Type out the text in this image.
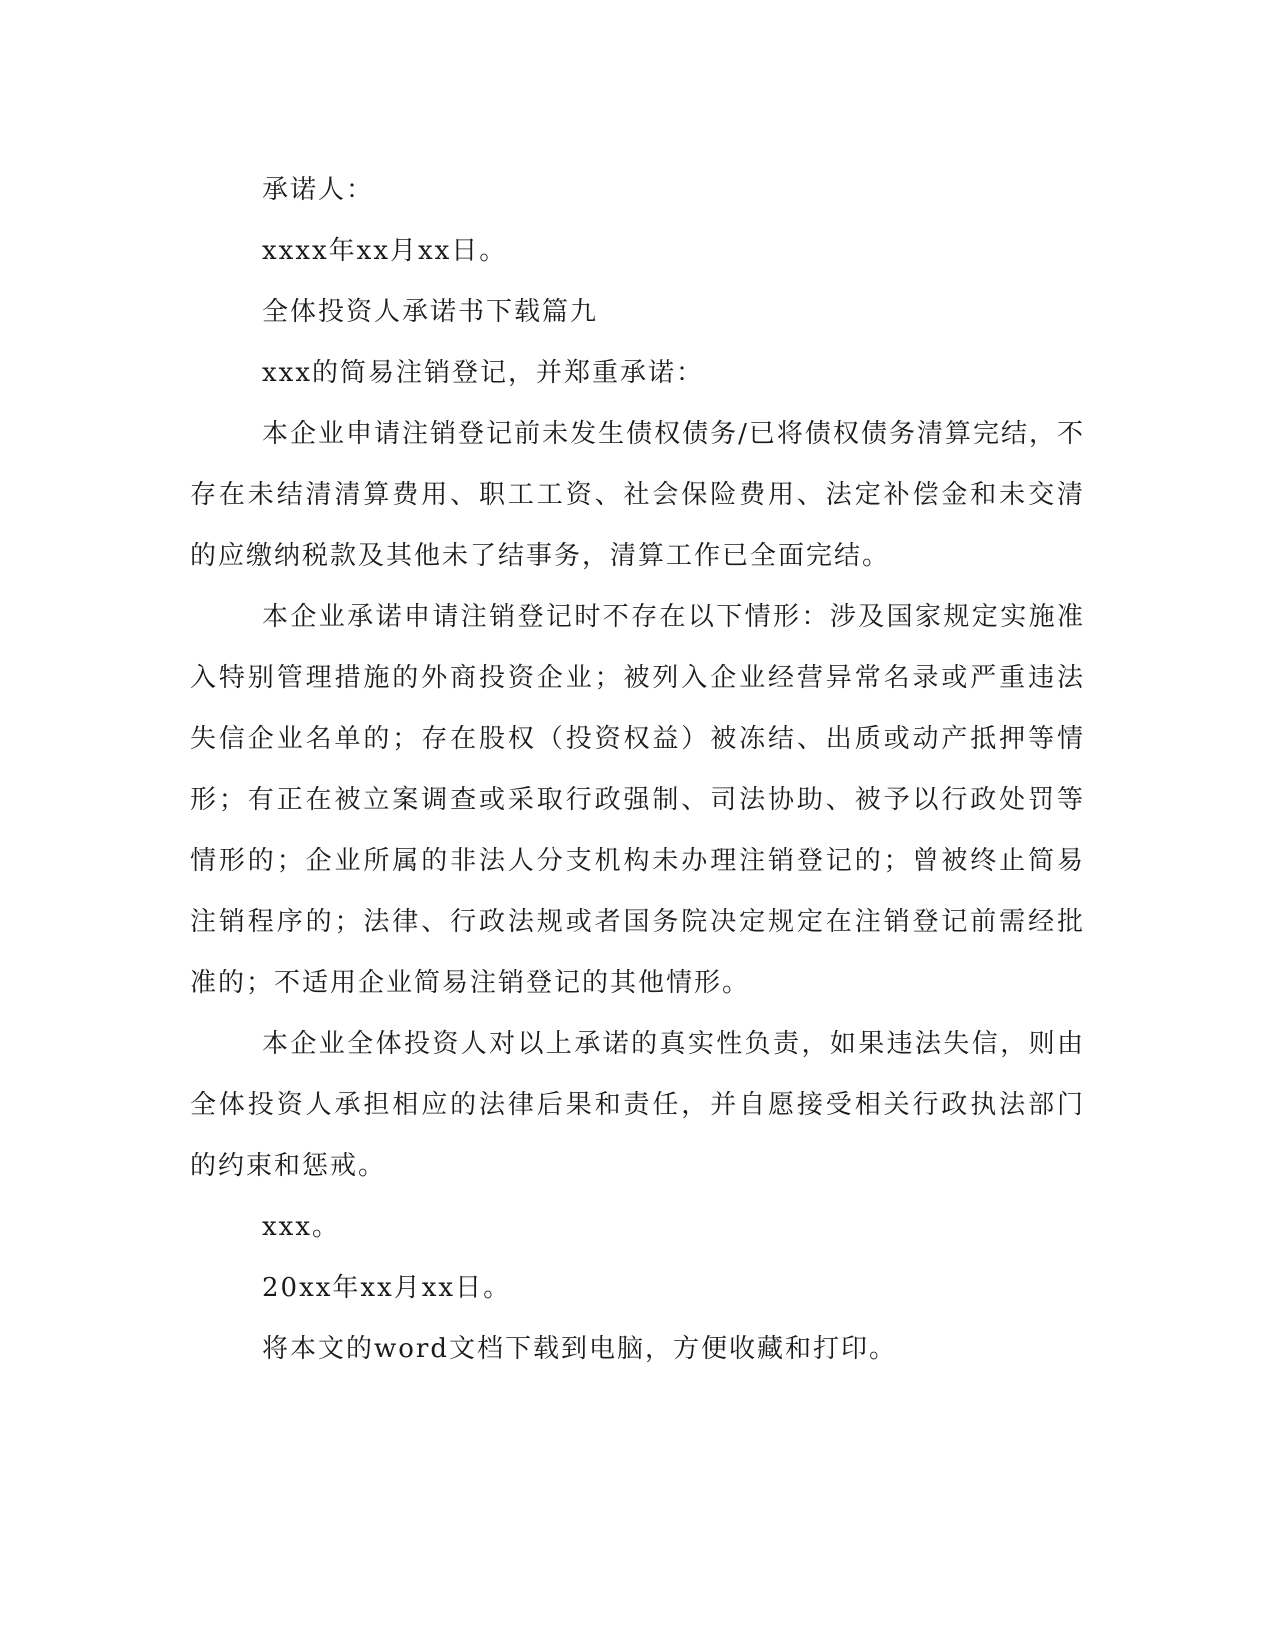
承诺人：
xxxx年xx月xx日。
全体投资人承诺书下载篇九
xxx的简易注销登记，并郑重承诺：
本企业申请注销登记前未发生债权债务/已将债权债务清算完结，不存在未结清清算费用、职工工资、社会保险费用、法定补偿金和未交清的应缴纳税款及其他未了结事务，清算工作已全面完结。
本企业承诺申请注销登记时不存在以下情形：涉及国家规定实施准入特别管理措施的外商投资企业；被列入企业经营异常名录或严重违法失信企业名单的；存在股权（投资权益）被冻结、出质或动产抵押等情形；有正在被立案调查或采取行政强制、司法协助、被予以行政处罚等情形的；企业所属的非法人分支机构未办理注销登记的；曾被终止简易注销程序的；法律、行政法规或者国务院决定规定在注销登记前需经批准的；不适用企业简易注销登记的其他情形。
本企业全体投资人对以上承诺的真实性负责，如果违法失信，则由全体投资人承担相应的法律后果和责任，并自愿接受相关行政执法部门的约束和惩戒。
xxx。
20xx年xx月xx日。
将本文的word文档下载到电脑，方便收藏和打印。
